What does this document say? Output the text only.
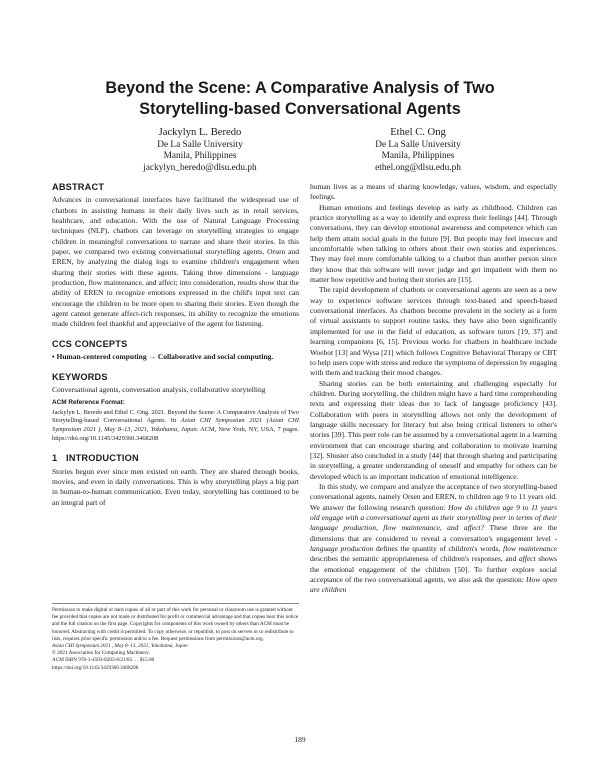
Beyond the Scene: A Comparative Analysis of Two
Storytelling-based Conversational Agents
Jackylyn L. Beredo
De La Salle University
Manila, Philippines
jackylyn_beredo@dlsu.edu.ph
Ethel C. Ong
De La Salle University
Manila, Philippines
ethel.ong@dlsu.edu.ph
ABSTRACT

Advances in conversational interfaces have facilitated the widespread use of chatbots in assisting humans in their daily lives such as in retail services, healthcare, and education. With the use of Natural Language Processing techniques (NLP), chatbots can leverage on storytelling strategies to engage children in meaningful conversations to narrate and share their stories. In this paper, we compared two existing conversational storytelling agents, Orsen and EREN, by analyzing the dialog logs to examine children's engagement when sharing their stories with these agents. Taking three dimensions - language production, flow maintenance, and affect; into consideration, results show that the ability of EREN to recognize emotions expressed in the child's input text can encourage the children to be more open to sharing their stories. Even though the agent cannot generate affect-rich responses, its ability to recognize the emotions made children feel thankful and appreciative of the agent for listening.

CCS CONCEPTS

• Human-centered computing → Collaborative and social computing.

KEYWORDS

Conversational agents, conversation analysis, collaborative storytelling

ACM Reference Format:

Jackylyn L. Beredo and Ethel C. Ong. 2021. Beyond the Scene: A Comparative Analysis of Two Storytelling-based Conversational Agents. In Asian CHI Symposium 2021 (Asian CHI Symposium 2021 ), May 8–13, 2021, Yokohama, Japan. ACM, New York, NY, USA, 7 pages. https://doi.org/10.1145/3429360.3468208

1 INTRODUCTION

Stories begun ever since men existed on earth. They are shared through books, movies, and even in daily conversations. This is why storytelling plays a big part in human-to-human communication. Even today, storytelling has continued to be an integral part of

Permission to make digital or hard copies of all or part of this work for personal or classroom use is granted without fee provided that copies are not made or distributed for profit or commercial advantage and that copies bear this notice and the full citation on the first page. Copyrights for components of this work owned by others than ACM must be honored. Abstracting with credit is permitted. To copy otherwise, or republish, to post on servers or to redistribute to lists, requires prior specific permission and/or a fee. Request permissions from permissions@acm.org.

Asian CHI Symposium 2021 , May 8–13, 2021, Yokohama, Japan

© 2021 Association for Computing Machinery.

ACM ISBN 978-1-4503-8203-8/21/05. . . $15.00

https://doi.org/10.1145/3429360.3468208

human lives as a means of sharing knowledge, values, wisdom, and especially feelings.

Human emotions and feelings develop as early as childhood. Children can practice storytelling as a way to identify and express their feelings [44]. Through conversations, they can develop emotional awareness and competence which can help them attain social goals in the future [9]. But people may feel insecure and uncomfortable when talking to others about their own stories and experiences. They may feel more comfortable talking to a chatbot than another person since they know that this software will never judge and get impatient with them no matter how repetitive and boring their stories are [15].

The rapid development of chatbots or conversational agents are seen as a new way to experience software services through text-based and speech-based conversational interfaces. As chatbots become prevalent in the society as a form of virtual assistants to support routine tasks, they have also been significantly implemented for use in the field of education, as software tutors [19, 37] and learning companions [6, 15]. Previous works for chatbots in healthcare include Woebot [13] and Wysa [21] which follows Cognitive Behavioral Therapy or CBT to help users cope with stress and reduce the symptoms of depression by engaging with them and tracking their mood changes.

Sharing stories can be both entertaining and challenging especially for children. During storytelling, the children might have a hard time comprehending texts and expressing their ideas due to lack of language proficiency [43]. Collaboration with peers in storytelling allows not only the development of language skills necessary for literacy but also being critical listeners to other's stories [39]. This peer role can be assumed by a conversational agent in a learning environment that can encourage sharing and collaboration to motivate learning [32]. Shuster also concluded in a study [44] that through sharing and participating in storytelling, a greater understanding of oneself and empathy for others can be developed which is an important indication of emotional intelligence.

In this study, we compare and analyze the acceptance of two storytelling-based conversational agents, namely Orsen and EREN, to children age 9 to 11 years old. We answer the following research question: How do children age 9 to 11 years old engage with a conversational agent as their storytelling peer in terms of their language production, flow maintenance, and affect? These three are the dimensions that are considered to reveal a conversation's engagement level - language production defines the quantity of children's words, flow maintenance describes the semantic appropriateness of children's responses, and affect shows the emotional engagement of the children [50]. To further explore social acceptance of the two conversational agents, we also ask the question: How open are children

189
